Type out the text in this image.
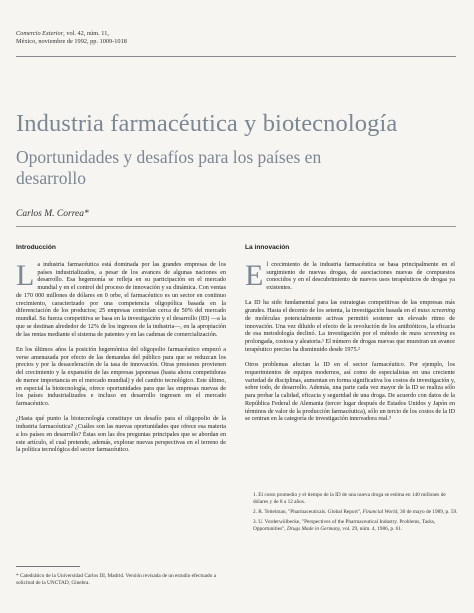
Comercio Exterior, vol. 42, núm. 11,
México, noviembre de 1992, pp. 1009-1018
Industria farmacéutica y biotecnología
Oportunidades y desafíos para los países en desarrollo
Carlos M. Correa*
Introducción

La industria farmacéutica está dominada por las grandes empresas de los países industrializados, a pesar de los avances de algunas naciones en desarrollo. Esa hegemonía se refleja en su participación en el mercado mundial y en el control del proceso de innovación y su dinámica. Con ventas de 170 000 millones de dólares en 0 orbe, el farmacéutico es un sector en continuo crecimiento, caracterizado por una competencia oligopólica basada en la diferenciación de los productos; 25 empresas controlan cerca de 50% del mercado mundial. Su fuerza competitiva se basa en la investigación y el desarrollo (ID) —a la que se destinan alrededor de 12% de los ingresos de la industria—, en la apropiación de las rentas mediante el sistema de patentes y en las cadenas de comercialización.

En los últimos años la posición hegemónica del oligopolio farmacéutico empezó a verse amenazada por efecto de las demandas del público para que se reduzcan los precios y por la desaceleración de la tasa de innovación. Otras presiones provienen del crecimiento y la expansión de las empresas japonesas (hasta ahora competidoras de menor importancia en el mercado mundial) y del cambio tecnológico. Este último, en especial la biotecnología, ofrece oportunidades para que las empresas nuevas de los países industrializados e incluso en desarrollo ingresen en el mercado farmacéutico.

¿Hasta qué punto la biotecnología constituye un desafío para el oligopolio de la industria farmacéutica? ¿Cuáles son las nuevas oportunidades que ofrece esa materia a los países en desarrollo? Éstas son las dos preguntas principales que se abordan en este artículo, el cual pretende, además, explorar nuevas perspectivas en el terreno de la política tecnológica del sector farmacéutico.

* Catedrático de la Universidad Carlos III, Madrid. Versión revisada de un estudio efectuado a solicitud de la UNCTAD, Ginebra.
La innovación

El crecimiento de la industria farmacéutica se basa principalmente en el surgimiento de nuevas drogas, de asociaciones nuevas de compuestos conocidos y en el descubrimiento de nuevos usos terapéuticos de drogas ya existentes.

La ID ha sido fundamental para las estrategias competitivas de las empresas más grandes. Hasta el decenio de los setenta, la investigación basada en el mass screening de moléculas potencialmente activas permitió sostener un elevado ritmo de innovación. Una vez diluido el efecto de la revolución de los antibióticos, la eficacia de esa metodología declinó. La investigación por el método de mass screening es prolongada, costosa y aleatoria.¹ El número de drogas nuevas que muestran un avance terapéutico preciso ha disminuido desde 1975.²

Otros problemas afectan la ID en el sector farmacéutico. Por ejemplo, los requerimientos de equipos modernos, así como de especialistas en una creciente variedad de disciplinas, aumentan en forma significativa los costos de investigación y, sobre todo, de desarrollo. Además, una parte cada vez mayor de la ID se realiza sólo para probar la calidad, eficacia y seguridad de una droga. De acuerdo con datos de la República Federal de Alemania (tercer lugar después de Estados Unidos y Japón en términos de valor de la producción farmacéutica), sólo un tercio de los costos de la ID se centran en la categoría de investigación innovadora real.³

1. El costo promedio y el tiempo de la ID de una nueva droga se estima en 140 millones de dólares y de 8 a 12 años.
2. R. Teitelman, "Pharmaceuticals. Global Report", Financial World, 30 de mayo de 1989, p. 59.
3. U. Vorderwülbecke, "Perspectives of the Pharmaceutical Industry. Problems, Tasks, Opportunities", Drugs Made in Germany, vol. 29, núm. 4, 1986, p. 61.
